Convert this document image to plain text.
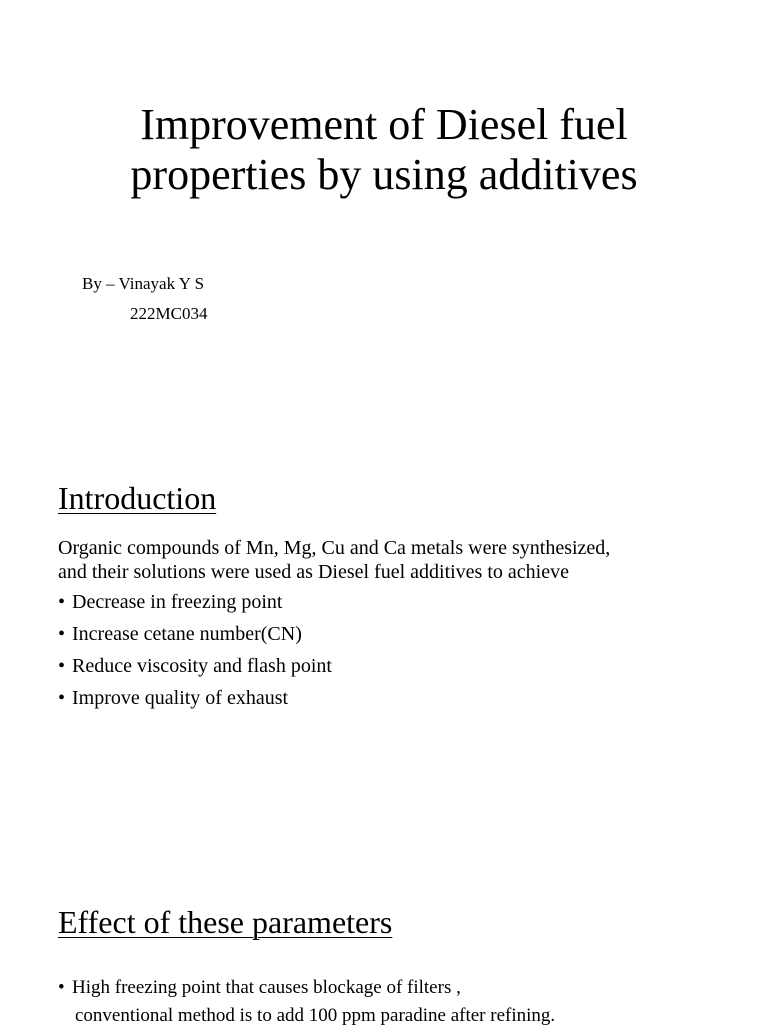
Improvement of Diesel fuel
properties by using additives
By – Vinayak Y S
222MC034
Introduction
Organic compounds of Mn, Mg, Cu and Ca metals were synthesized,
and their solutions were used as Diesel fuel additives to achieve
• Decrease in freezing point
• Increase cetane number(CN)
• Reduce viscosity and flash point
• Improve quality of exhaust
Effect of these parameters
• High freezing point that causes blockage of filters ,
conventional method is to add 100 ppm paradine after refining.
